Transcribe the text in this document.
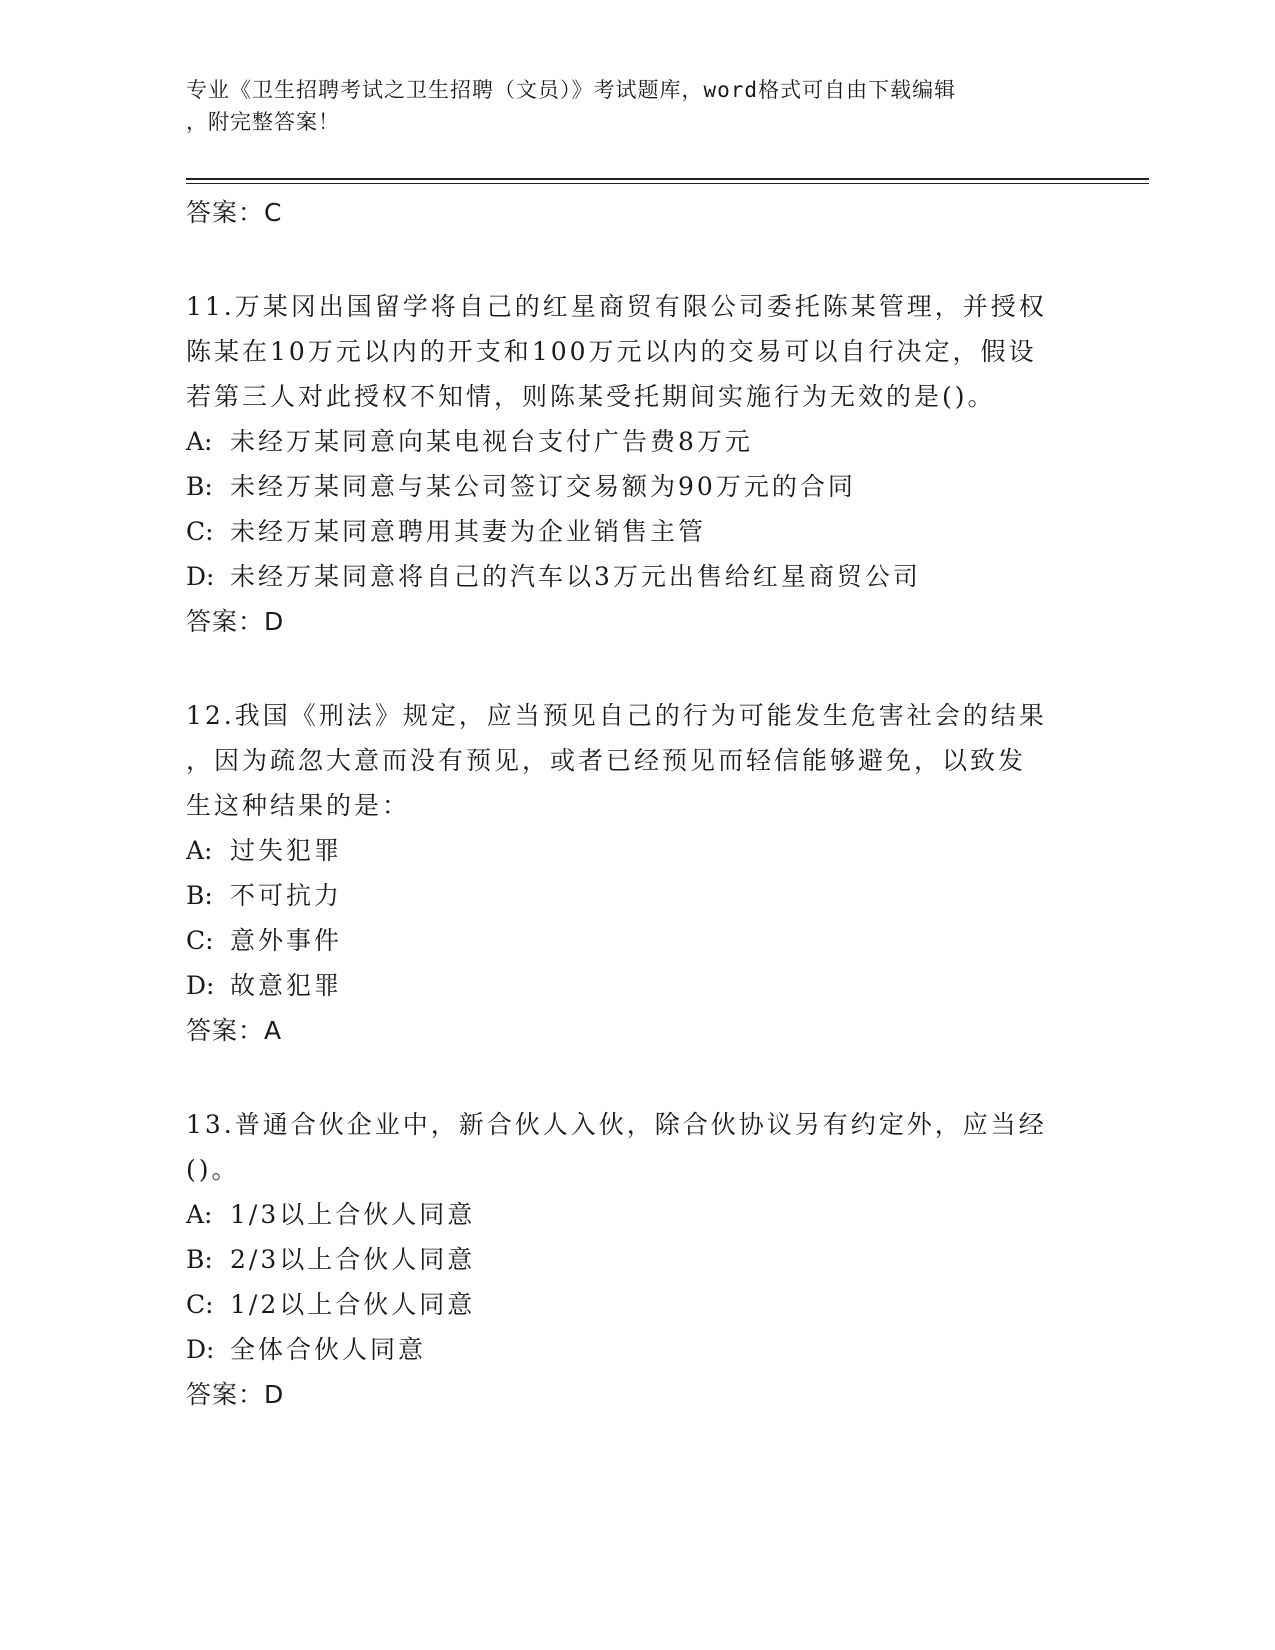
专业《卫生招聘考试之卫生招聘（文员）》考试题库，word格式可自由下载编辑
，附完整答案！
答案：C
11.万某冈出国留学将自己的红星商贸有限公司委托陈某管理，并授权
陈某在10万元以内的开支和100万元以内的交易可以自行决定，假设
若第三人对此授权不知情，则陈某受托期间实施行为无效的是()。
A: 未经万某同意向某电视台支付广告费8万元
B: 未经万某同意与某公司签订交易额为90万元的合同
C: 未经万某同意聘用其妻为企业销售主管
D: 未经万某同意将自己的汽车以3万元出售给红星商贸公司
答案：D
12.我国《刑法》规定，应当预见自己的行为可能发生危害社会的结果
，因为疏忽大意而没有预见，或者已经预见而轻信能够避免，以致发
生这种结果的是：
A: 过失犯罪
B: 不可抗力
C: 意外事件
D: 故意犯罪
答案：A
13.普通合伙企业中，新合伙人入伙，除合伙协议另有约定外，应当经
()。
A: 1/3以上合伙人同意
B: 2/3以上合伙人同意
C: 1/2以上合伙人同意
D: 全体合伙人同意
答案：D
